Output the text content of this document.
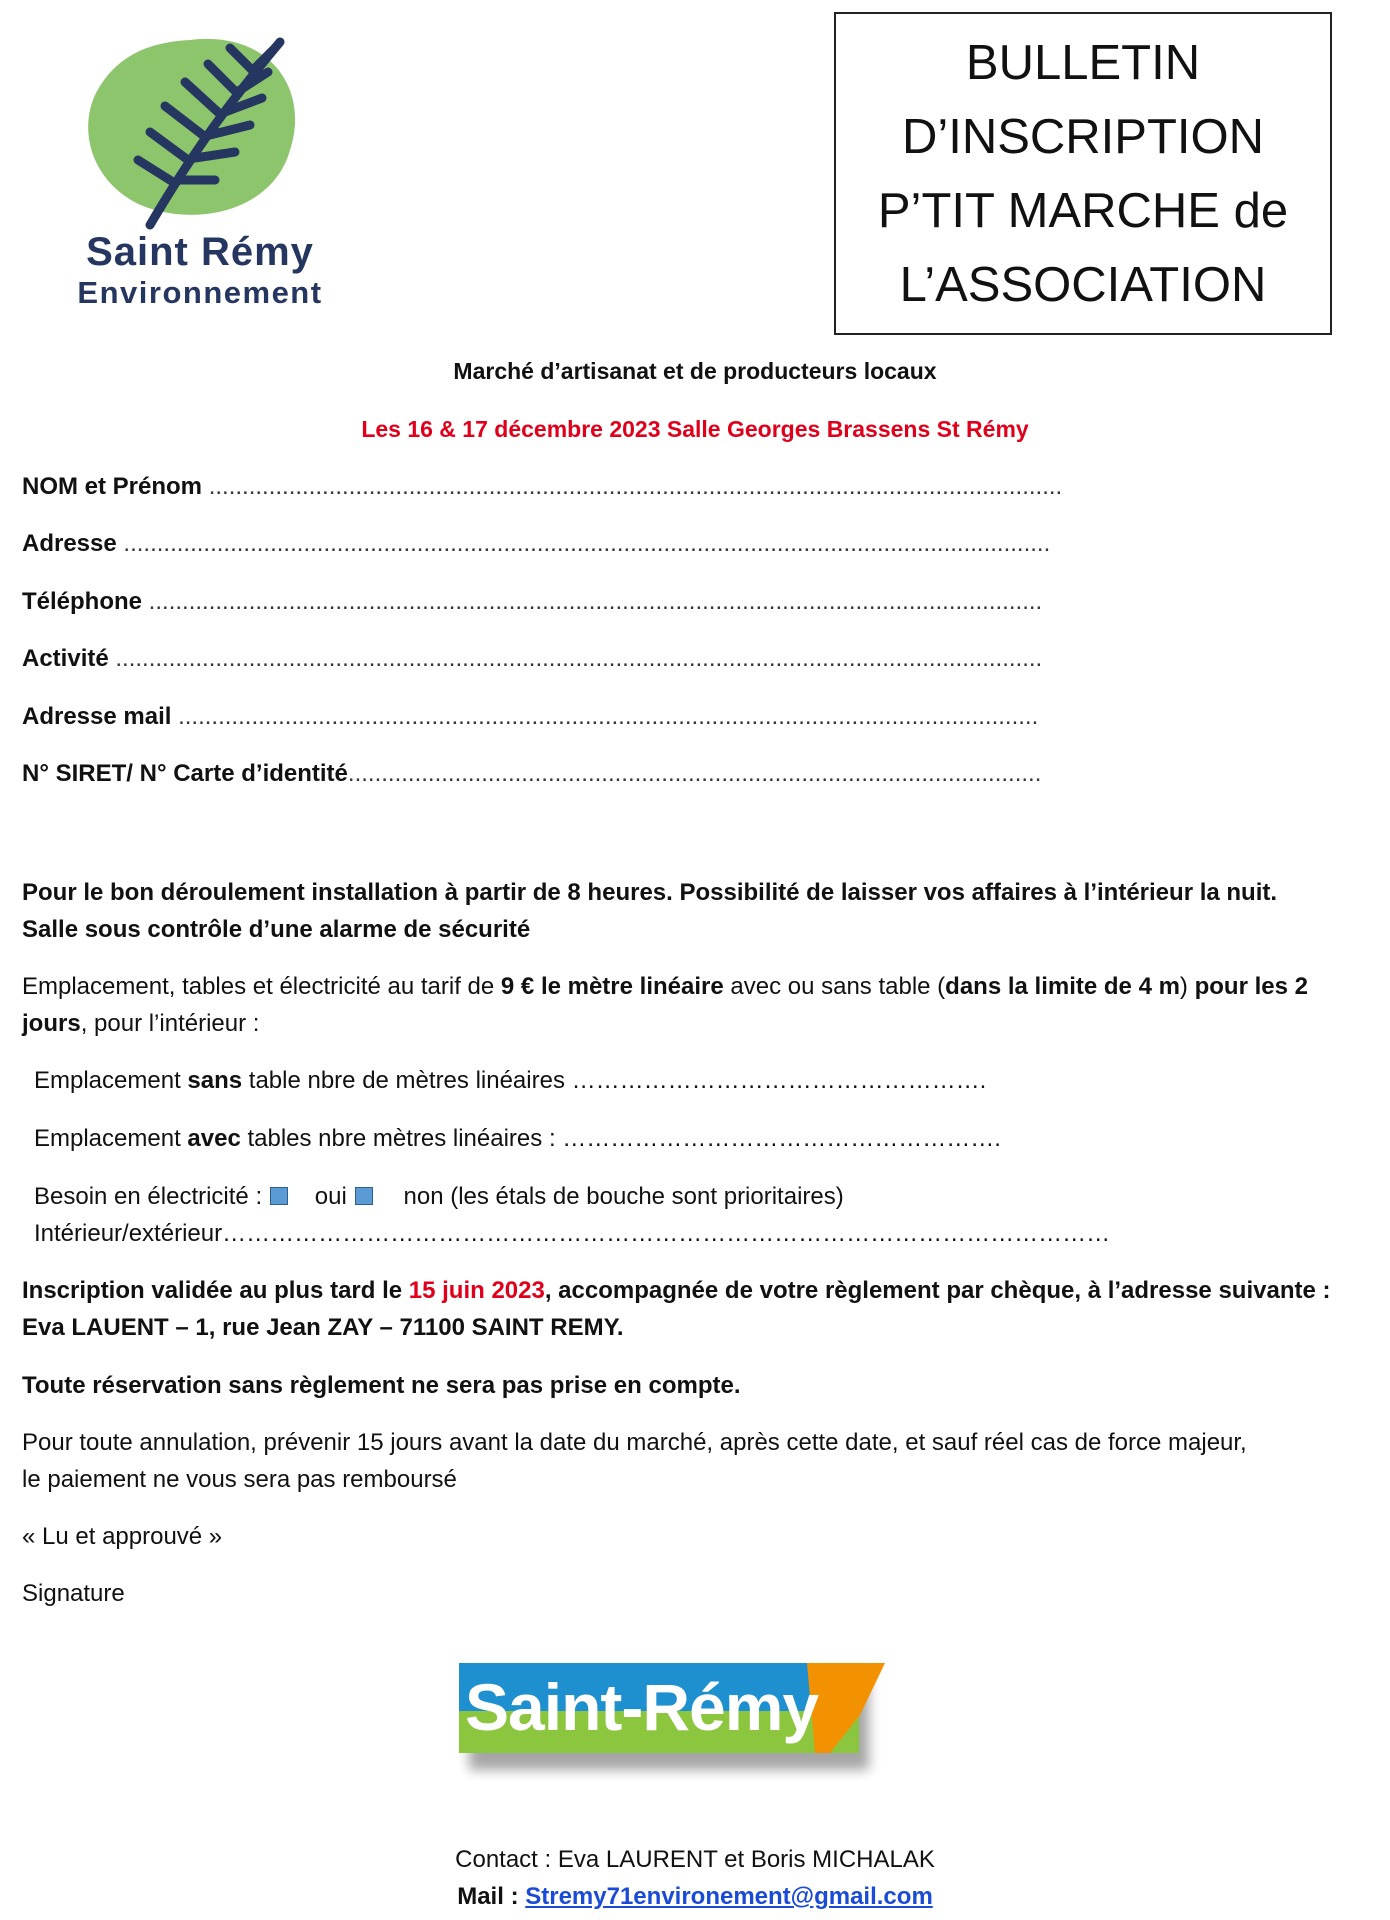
Saint Rémy
Environnement
BULLETIN
D’INSCRIPTION
P’TIT MARCHE de
L’ASSOCIATION
Marché d’artisanat et de producteurs locaux
Les 16 & 17 décembre 2023 Salle Georges Brassens St Rémy
NOM et Prénom ................................................................................................................................
Adresse ...........................................................................................................................................
Téléphone ......................................................................................................................................
Activité ...........................................................................................................................................
Adresse mail .................................................................................................................................
N° SIRET/ N° Carte d’identité........................................................................................................
Pour le bon déroulement installation à partir de 8 heures. Possibilité de laisser vos affaires à l’intérieur la nuit.
Salle sous contrôle d’une alarme de sécurité
Emplacement, tables et électricité au tarif de 9 € le mètre linéaire avec ou sans table (dans la limite de 4 m) pour les 2 jours, pour l’intérieur :
Emplacement sans table nbre de mètres linéaires …………………………………………….
Emplacement avec tables nbre mètres linéaires : ……………………………………………….
Besoin en électricité : oui non (les étals de bouche sont prioritaires)
Intérieur/extérieur…………………………………………………………………………………………………
Inscription validée au plus tard le 15 juin 2023, accompagnée de votre règlement par chèque, à l’adresse suivante :
Eva LAUENT – 1, rue Jean ZAY – 71100 SAINT REMY.
Toute réservation sans règlement ne sera pas prise en compte.
Pour toute annulation, prévenir 15 jours avant la date du marché, après cette date, et sauf réel cas de force majeur,
le paiement ne vous sera pas remboursé
« Lu et approuvé »
Signature
Saint-Rémy
Contact : Eva LAURENT et Boris MICHALAK
Mail : Stremy71environement@gmail.com
